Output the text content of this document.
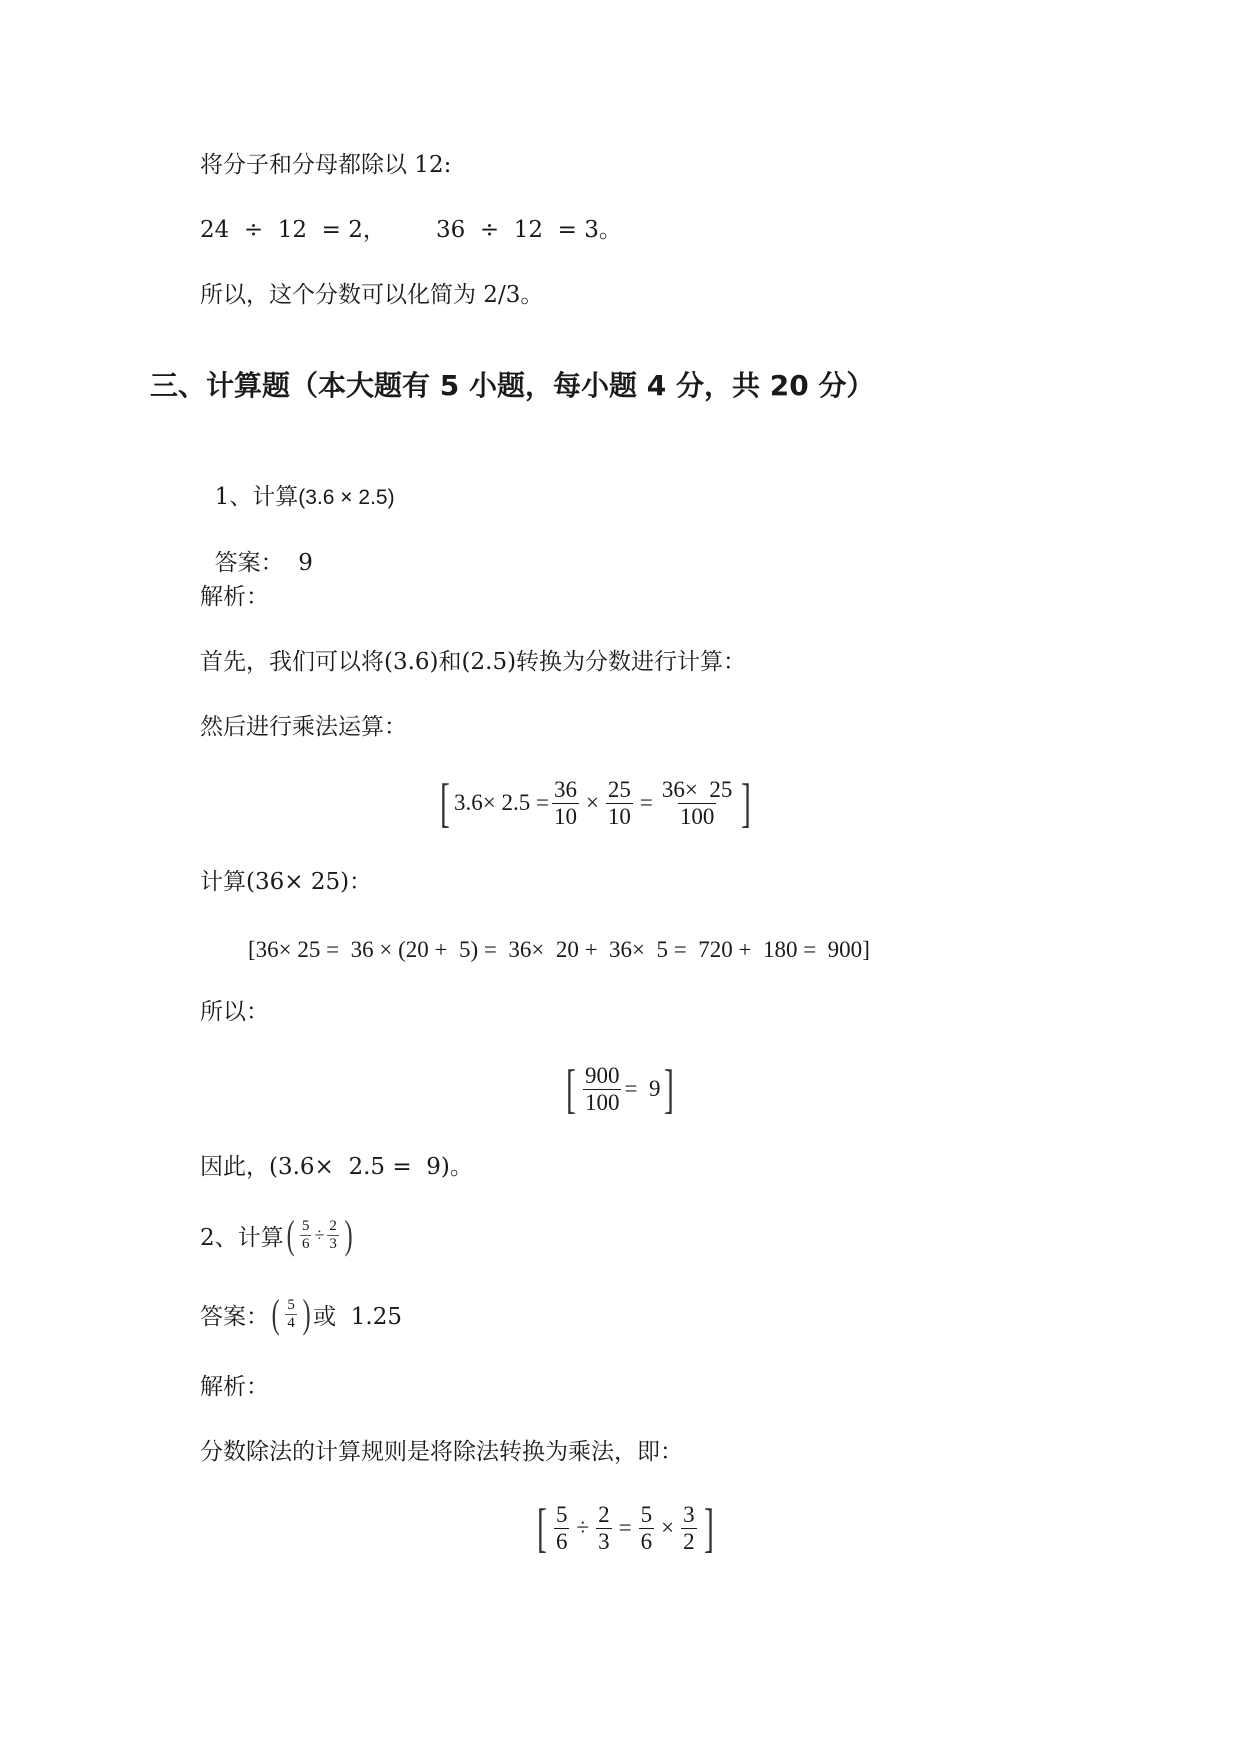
将分子和分母都除以 12:
24  ÷  12  = 2， 36  ÷  12  = 3。
所以，这个分数可以化简为 2/3。
三、计算题（本大题有 5 小题，每小题 4 分，共 20 分）

1、计算(3.6 × 2.5)

答案： 9

解析：
首先，我们可以将(3.6)和(2.5)转换为分数进行计算：
然后进行乘法运算：
[ $3.6\times 2.5 = \frac{36}{10} \times \frac{25}{10} = \frac{36\times 25}{100}$ ]
计算(36× 25)：
[ 36× 25 =  36 × (20 +  5) =  36×  20 +  36×  5 =  720 +  180 =  900 ]
所以：
[ $\frac{900}{100} = 9$ ]
因此，(3.6×  2.5 =  9)。
2、计算 ( $\frac{5}{6} \div \frac{2}{3}$ )
答案： ( $\frac{5}{4}$ ) 或  1.25
解析：
分数除法的计算规则是将除法转换为乘法，即：
[ $\frac{5}{6} \div \frac{2}{3} = \frac{5}{6} \times \frac{3}{2}$ ]
